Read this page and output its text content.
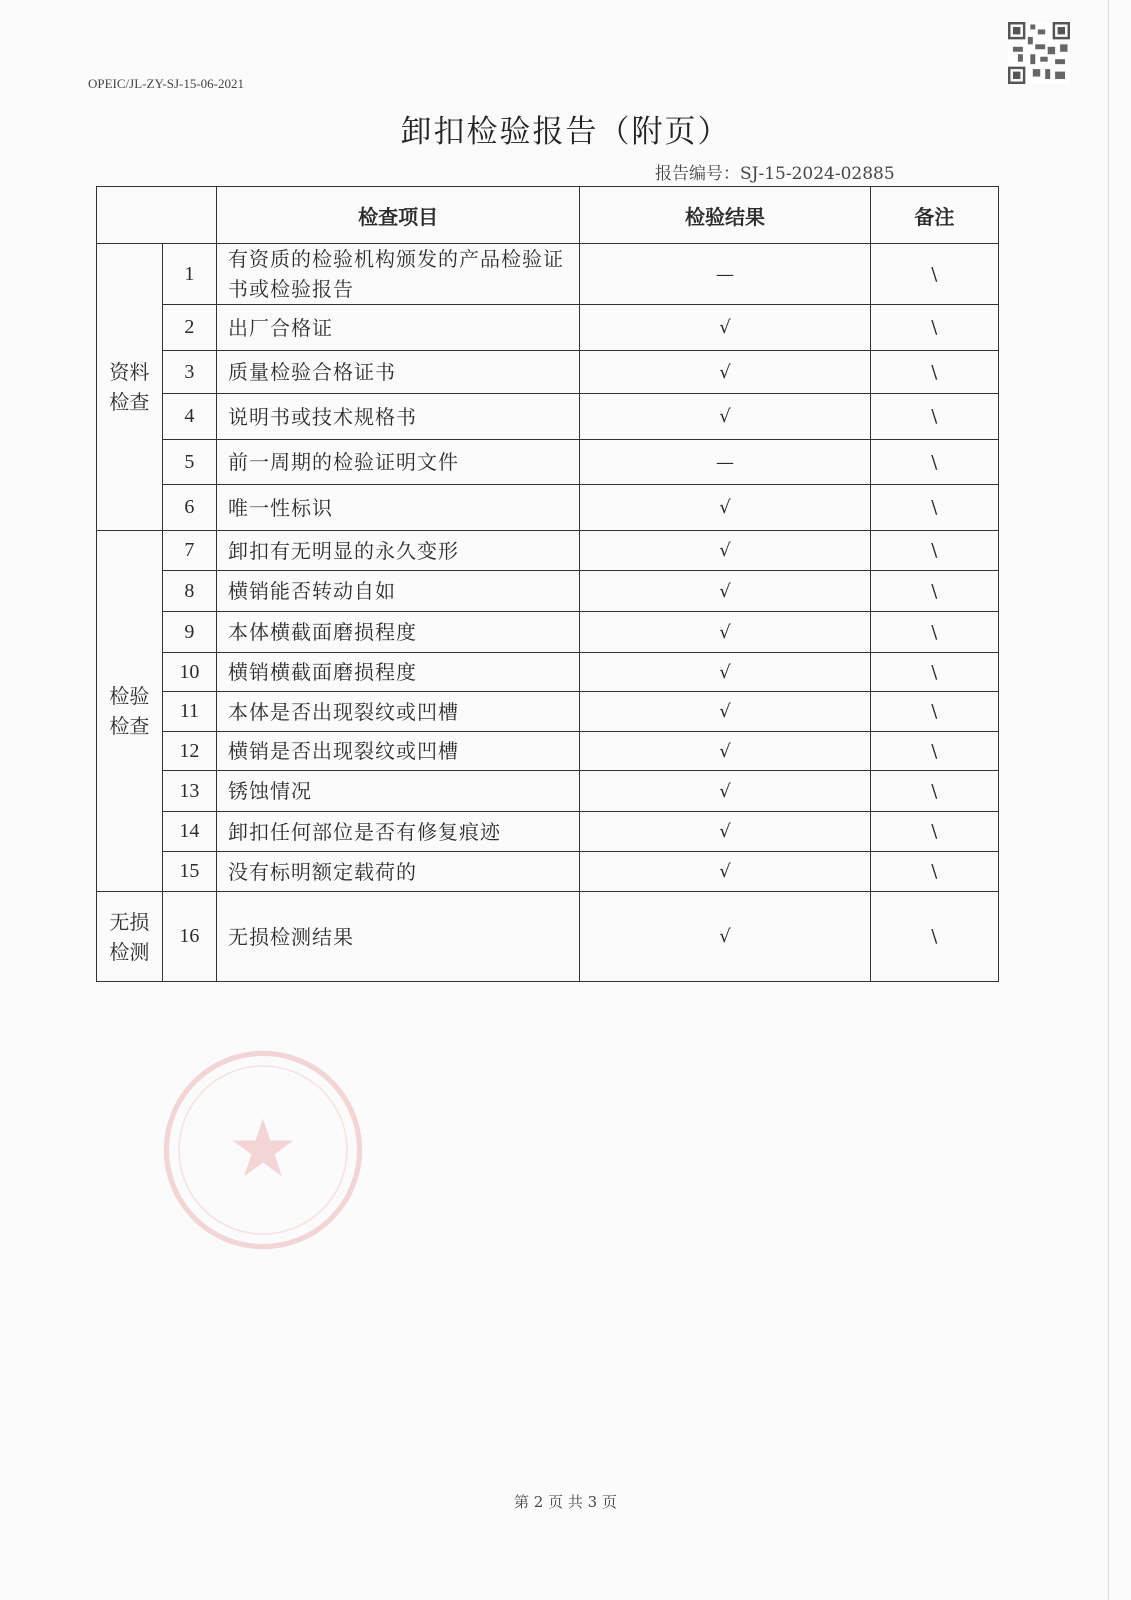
OPEIC/JL-ZY-SJ-15-06-2021
卸扣检验报告（附页）
报告编号：SJ-15-2024-02885
		检查项目	检验结果	备注
资料
检查	1	有资质的检验机构颁发的产品检验证书或检验报告	—	\
	2	出厂合格证	√	\
	3	质量检验合格证书	√	\
	4	说明书或技术规格书	√	\
	5	前一周期的检验证明文件	—	\
	6	唯一性标识	√	\
检验
检查	7	卸扣有无明显的永久变形	√	\
	8	横销能否转动自如	√	\
	9	本体横截面磨损程度	√	\
	10	横销横截面磨损程度	√	\
	11	本体是否出现裂纹或凹槽	√	\
	12	横销是否出现裂纹或凹槽	√	\
	13	锈蚀情况	√	\
	14	卸扣任何部位是否有修复痕迹	√	\
	15	没有标明额定载荷的	√	\
无损
检测	16	无损检测结果	√	\
第 2 页 共 3 页
